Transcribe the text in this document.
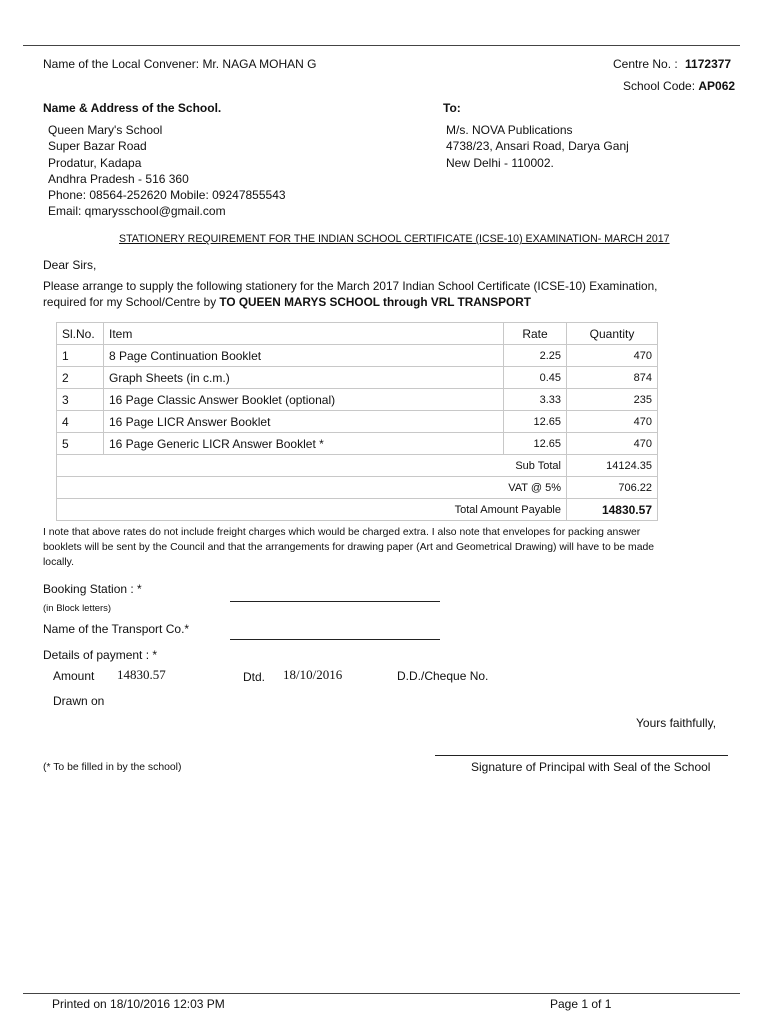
Name of the Local Convener: Mr. NAGA MOHAN G	Centre No. : 1172377
School Code: AP062
Name & Address of the School.	To:
Queen Mary's School
Super Bazar Road
Prodatur, Kadapa
Andhra Pradesh - 516 360
Phone: 08564-252620 Mobile: 09247855543
Email: qmarysschool@gmail.com
M/s. NOVA Publications
4738/23, Ansari Road, Darya Ganj
New Delhi - 110002.
STATIONERY REQUIREMENT FOR THE INDIAN SCHOOL CERTIFICATE (ICSE-10) EXAMINATION- MARCH 2017
Dear Sirs,
Please arrange to supply the following stationery for the March 2017 Indian School Certificate (ICSE-10) Examination,
required for my School/Centre by TO QUEEN MARYS SCHOOL through VRL TRANSPORT
Sl.No.	Item	Rate	Quantity
1	8 Page Continuation Booklet	2.25	470
2	Graph Sheets (in c.m.)	0.45	874
3	16 Page Classic Answer Booklet (optional)	3.33	235
4	16 Page LICR Answer Booklet	12.65	470
5	16 Page Generic LICR Answer Booklet *	12.65	470
Sub Total			14124.35
VAT @ 5%			706.22
Total Amount Payable			14830.57
I note that above rates do not include freight charges which would be charged extra. I also note that envelopes for packing answer
booklets will be sent by the Council and that the arrangements for drawing paper (Art and Geometrical Drawing) will have to be made
locally.
Booking Station : *
(in Block letters)
Name of the Transport Co.*
Details of payment : *
Amount 14830.57	Dtd. 18/10/2016	D.D./Cheque No.
Drawn on
Yours faithfully,
(* To be filled in by the school)	Signature of Principal with Seal of the School
Printed on 18/10/2016 12:03 PM	Page 1 of 1
